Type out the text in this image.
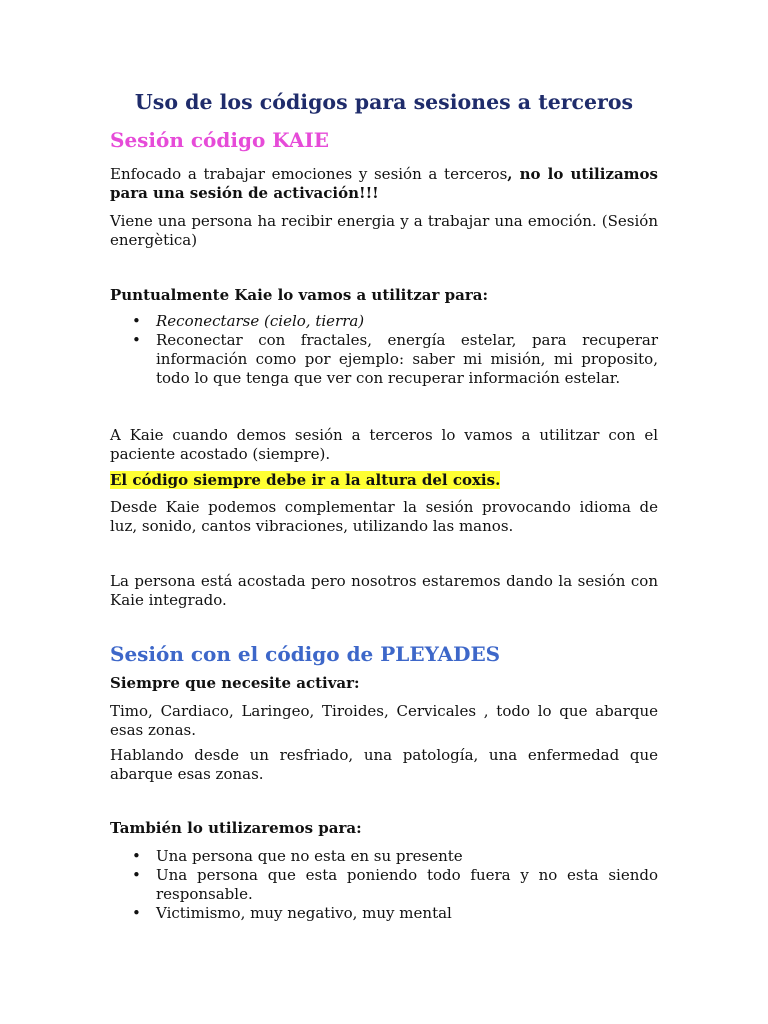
Uso de los códigos para sesiones a terceros
Sesión código KAIE

Enfocado a trabajar emociones y sesión a terceros, no lo utilizamos para una sesión de activación!!!

Viene una persona ha recibir energia y a trabajar una emoción. (Sesión energètica)

Puntualmente Kaie lo vamos a utilitzar para:

• Reconectarse (cielo, tierra)
• Reconectar con fractales, energía estelar, para recuperar información como por ejemplo: saber mi misión, mi proposito, todo lo que tenga que ver con recuperar información estelar.

A Kaie cuando demos sesión a terceros lo vamos a utilitzar con el paciente acostado (siempre).

El código siempre debe ir a la altura del coxis.

Desde Kaie podemos complementar la sesión provocando idioma de luz, sonido, cantos vibraciones, utilizando las manos.

La persona está acostada pero nosotros estaremos dando la sesión con Kaie integrado.

Sesión con el código de PLEYADES

Siempre que necesite activar:

Timo, Cardiaco, Laringeo, Tiroides, Cervicales , todo lo que abarque esas zonas.

Hablando desde un resfriado, una patología, una enfermedad que abarque esas zonas.

También lo utilizaremos para:

• Una persona que no esta en su presente
• Una persona que esta poniendo todo fuera y no esta siendo responsable.
• Victimismo, muy negativo, muy mental
